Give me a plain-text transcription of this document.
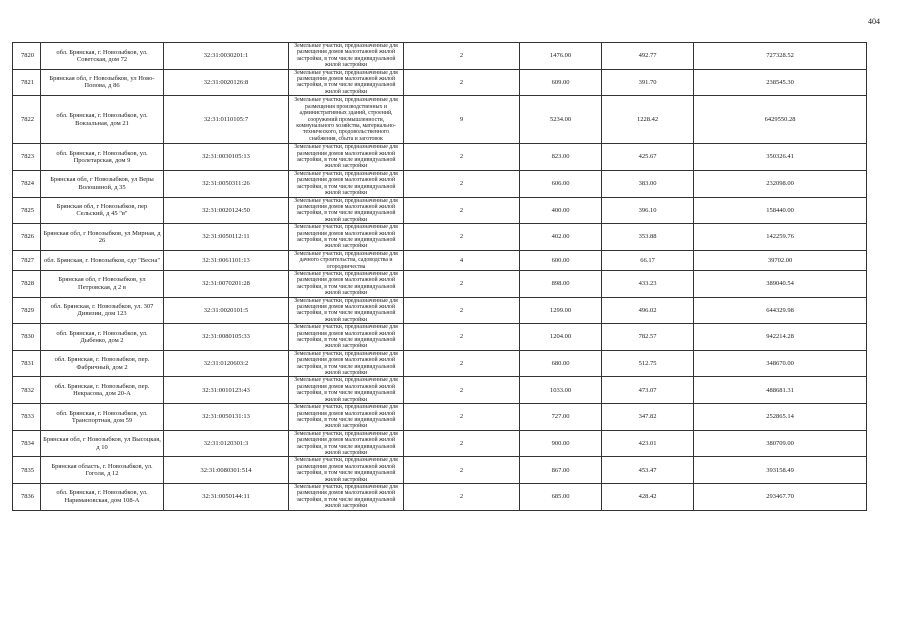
404
7820	обл. Брянская, г. Новозыбков, ул. Советская, дом 72	32:31:0030201:1	Земельные участки, предназначенные для размещения домов малоэтажной жилой застройки, в том числе индивидуальной жилой застройки	2	1476.00	492.77	727328.52
7821	Брянская обл, г Новозыбков, ул Ново-Попова, д 86	32:31:0020126:8	Земельные участки, предназначенные для размещения домов малоэтажной жилой застройки, в том числе индивидуальной жилой застройки	2	609.00	391.70	238545.30
7822	обл. Брянская, г. Новозыбков, ул. Вокзальная, дом 21	32:31:0110105:7	Земельные участки, предназначенные для размещения производственных и административных зданий, строений, сооружений промышленности, коммунального хозяйства, материально-технического, продовольственного снабжения, сбыта и заготовок	9	5234.00	1228.42	6429550.28
7823	обл. Брянская, г. Новозыбков, ул. Пролетарская, дом 9	32:31:0030105:13	Земельные участки, предназначенные для размещения домов малоэтажной жилой застройки, в том числе индивидуальной жилой застройки	2	823.00	425.67	350326.41
7824	Брянская обл, г Новозыбков, ул Веры Волошиной, д 35	32:31:0050311:26	Земельные участки, предназначенные для размещения домов малоэтажной жилой застройки, в том числе индивидуальной жилой застройки	2	606.00	383.00	232098.00
7825	Брянская обл, г Новозыбков, пер Сельский, д 45 "в"	32:31:0020124:50	Земельные участки, предназначенные для размещения домов малоэтажной жилой застройки, в том числе индивидуальной жилой застройки	2	400.00	396.10	158440.00
7826	Брянская обл, г Новозыбков, ул Мирная, д 26	32:31:0050112:11	Земельные участки, предназначенные для размещения домов малоэтажной жилой застройки, в том числе индивидуальной жилой застройки	2	402.00	353.88	142259.76
7827	обл. Брянская, г. Новозыбков, сдт "Весна"	32:31:0061101:13	Земельные участки, предназначенные для дачного строительства, садоводства и огородничества	4	600.00	66.17	39702.00
7828	Брянская обл, г Новозыбков, ул Петровская, д 2 в	32:31:0070201:28	Земельные участки, предназначенные для размещения домов малоэтажной жилой застройки, в том числе индивидуальной жилой застройки	2	898.00	433.23	389040.54
7829	обл. Брянская, г. Новозыбков, ул. 307 Дивизии, дом 123	32:31:0020101:5	Земельные участки, предназначенные для размещения домов малоэтажной жилой застройки, в том числе индивидуальной жилой застройки	2	1299.00	496.02	644329.98
7830	обл. Брянская, г. Новозыбков, ул. Дыбенко, дом 2	32:31:0080105:33	Земельные участки, предназначенные для размещения домов малоэтажной жилой застройки, в том числе индивидуальной жилой застройки	2	1204.00	782.57	942214.28
7831	обл. Брянская, г. Новозыбков, пер. Фабричный, дом 2	32:31:0120603:2	Земельные участки, предназначенные для размещения домов малоэтажной жилой застройки, в том числе индивидуальной жилой застройки	2	680.00	512.75	348670.00
7832	обл. Брянская, г. Новозыбков, пер. Некрасова, дом 20-А	32:31:0010123:43	Земельные участки, предназначенные для размещения домов малоэтажной жилой застройки, в том числе индивидуальной жилой застройки	2	1033.00	473.07	488681.31
7833	обл. Брянская, г. Новозыбков, ул. Транспортная, дом 59	32:31:0050131:13	Земельные участки, предназначенные для размещения домов малоэтажной жилой застройки, в том числе индивидуальной жилой застройки	2	727.00	347.82	252865.14
7834	Брянская обл, г Новозыбков, ул Высоцкая, д 10	32:31:0120301:3	Земельные участки, предназначенные для размещения домов малоэтажной жилой застройки, в том числе индивидуальной жилой застройки	2	900.00	423.01	380709.00
7835	Брянская область, г. Новозыбков, ул. Гоголя, д 12	32:31:0080301:514	Земельные участки, предназначенные для размещения домов малоэтажной жилой застройки, в том числе индивидуальной жилой застройки	2	867.00	453.47	393158.49
7836	обл. Брянская, г. Новозыбков, ул. Наримановская, дом 108-А	32:31:0050144:11	Земельные участки, предназначенные для размещения домов малоэтажной жилой застройки, в том числе индивидуальной жилой застройки	2	685.00	428.42	293467.70
